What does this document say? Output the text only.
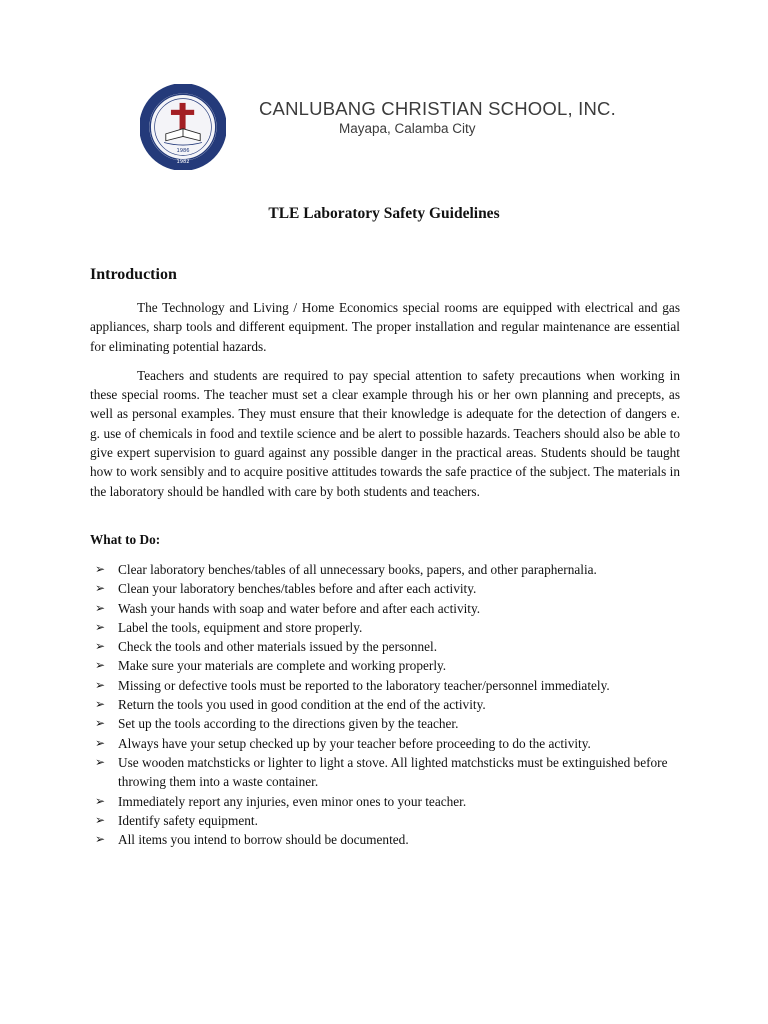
1986
1982
CANLUBANG CHRISTIAN SCHOOL, INC.
Mayapa, Calamba City
TLE Laboratory Safety Guidelines
Introduction

The Technology and Living / Home Economics special rooms are equipped with electrical and gas appliances, sharp tools and different equipment. The proper installation and regular maintenance are essential for eliminating potential hazards.

Teachers and students are required to pay special attention to safety precautions when working in these special rooms. The teacher must set a clear example through his or her own planning and precepts, as well as personal examples. They must ensure that their knowledge is adequate for the detection of dangers e. g. use of chemicals in food and textile science and be alert to possible hazards. Teachers should also be able to give expert supervision to guard against any possible danger in the practical areas. Students should be taught how to work sensibly and to acquire positive attitudes towards the safe practice of the subject. The materials in the laboratory should be handled with care by both students and teachers.

What to Do:
➢ Clear laboratory benches/tables of all unnecessary books, papers, and other paraphernalia.
➢ Clean your laboratory benches/tables before and after each activity.
➢ Wash your hands with soap and water before and after each activity.
➢ Label the tools, equipment and store properly.
➢ Check the tools and other materials issued by the personnel.
➢ Make sure your materials are complete and working properly.
➢ Missing or defective tools must be reported to the laboratory teacher/personnel immediately.
➢ Return the tools you used in good condition at the end of the activity.
➢ Set up the tools according to the directions given by the teacher.
➢ Always have your setup checked up by your teacher before proceeding to do the activity.
➢ Use wooden matchsticks or lighter to light a stove. All lighted matchsticks must be extinguished before throwing them into a waste container.
➢ Immediately report any injuries, even minor ones to your teacher.
➢ Identify safety equipment.
➢ All items you intend to borrow should be documented.
